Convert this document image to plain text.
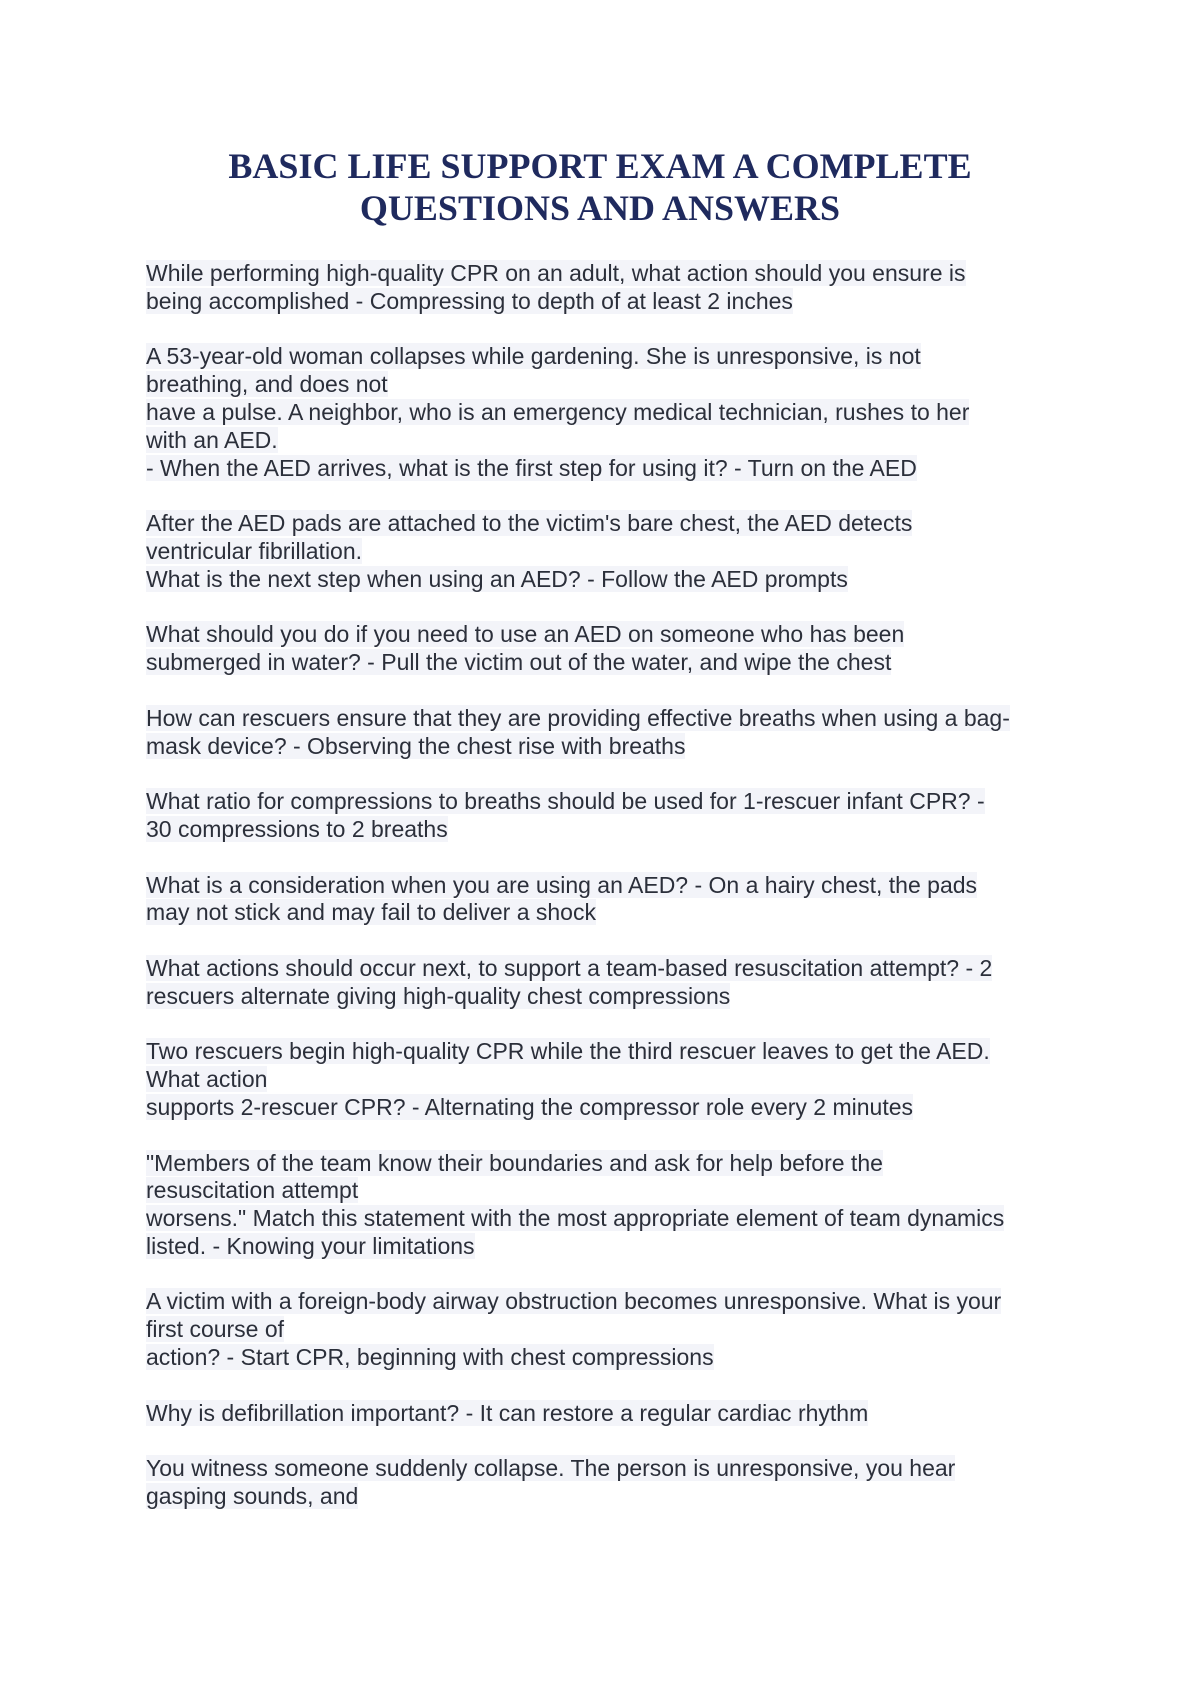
BASIC LIFE SUPPORT EXAM A COMPLETE
QUESTIONS AND ANSWERS

While performing high-quality CPR on an adult, what action should you ensure is
being accomplished - Compressing to depth of at least 2 inches

A 53-year-old woman collapses while gardening. She is unresponsive, is not
breathing, and does not
have a pulse. A neighbor, who is an emergency medical technician, rushes to her
with an AED.
- When the AED arrives, what is the first step for using it? - Turn on the AED

After the AED pads are attached to the victim's bare chest, the AED detects
ventricular fibrillation.
What is the next step when using an AED? - Follow the AED prompts

What should you do if you need to use an AED on someone who has been
submerged in water? - Pull the victim out of the water, and wipe the chest

How can rescuers ensure that they are providing effective breaths when using a bag-
mask device? - Observing the chest rise with breaths

What ratio for compressions to breaths should be used for 1-rescuer infant CPR? -
30 compressions to 2 breaths

What is a consideration when you are using an AED? - On a hairy chest, the pads
may not stick and may fail to deliver a shock

What actions should occur next, to support a team-based resuscitation attempt? - 2
rescuers alternate giving high-quality chest compressions

Two rescuers begin high-quality CPR while the third rescuer leaves to get the AED.
What action
supports 2-rescuer CPR? - Alternating the compressor role every 2 minutes

"Members of the team know their boundaries and ask for help before the
resuscitation attempt
worsens." Match this statement with the most appropriate element of team dynamics
listed. - Knowing your limitations

A victim with a foreign-body airway obstruction becomes unresponsive. What is your
first course of
action? - Start CPR, beginning with chest compressions

Why is defibrillation important? - It can restore a regular cardiac rhythm

You witness someone suddenly collapse. The person is unresponsive, you hear
gasping sounds, and
